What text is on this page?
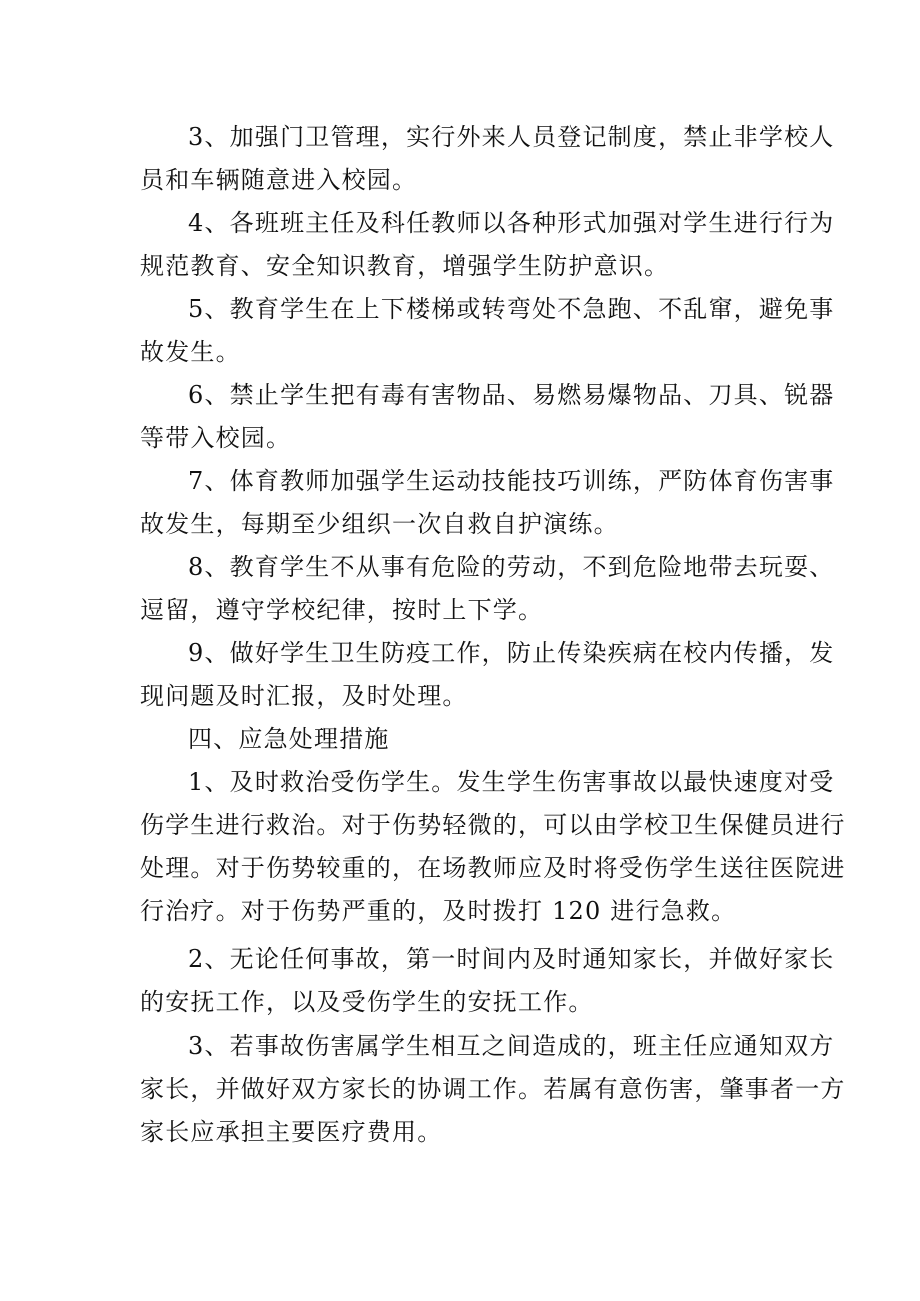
3、加强门卫管理，实行外来人员登记制度，禁止非学校人

员和车辆随意进入校园。

4、各班班主任及科任教师以各种形式加强对学生进行行为

规范教育、安全知识教育，增强学生防护意识。

5、教育学生在上下楼梯或转弯处不急跑、不乱窜，避免事

故发生。

6、禁止学生把有毒有害物品、易燃易爆物品、刀具、锐器

等带入校园。

7、体育教师加强学生运动技能技巧训练，严防体育伤害事

故发生，每期至少组织一次自救自护演练。

8、教育学生不从事有危险的劳动，不到危险地带去玩耍、

逗留，遵守学校纪律，按时上下学。

9、做好学生卫生防疫工作，防止传染疾病在校内传播，发

现问题及时汇报，及时处理。

四、应急处理措施

1、及时救治受伤学生。发生学生伤害事故以最快速度对受

伤学生进行救治。对于伤势轻微的，可以由学校卫生保健员进行

处理。对于伤势较重的，在场教师应及时将受伤学生送往医院进

行治疗。对于伤势严重的，及时拨打 120 进行急救。

2、无论任何事故，第一时间内及时通知家长，并做好家长

的安抚工作，以及受伤学生的安抚工作。

3、若事故伤害属学生相互之间造成的，班主任应通知双方

家长，并做好双方家长的协调工作。若属有意伤害，肇事者一方

家长应承担主要医疗费用。
